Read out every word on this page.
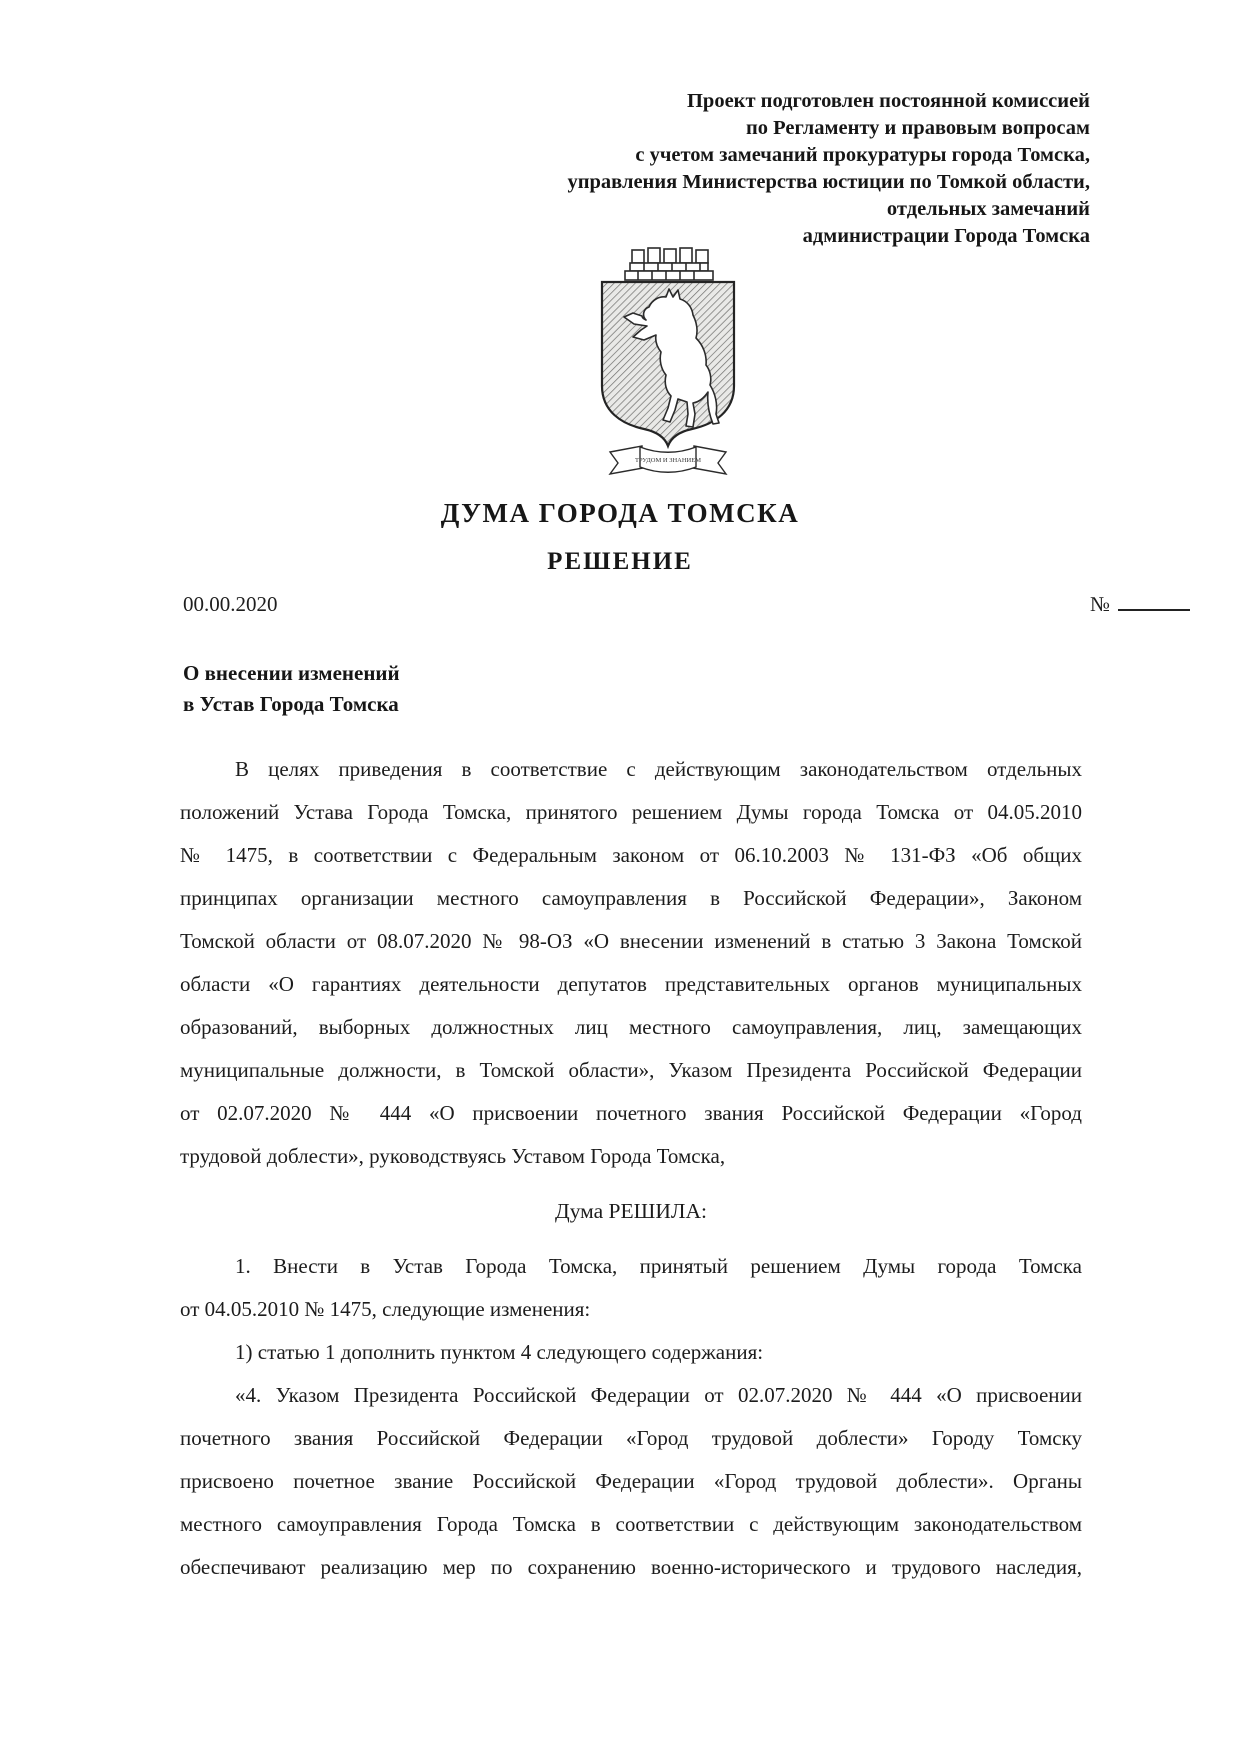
Проект подготовлен постоянной комиссией
по Регламенту и правовым вопросам
с учетом замечаний прокуратуры города Томска,
управления Министерства юстиции по Томкой области,
отдельных замечаний
администрации Города Томска
ТРУДОМ И ЗНАНИЕМ
ДУМА ГОРОДА ТОМСКА
РЕШЕНИЕ
00.00.2020	№
О внесении изменений
в Устав Города Томска
В целях приведения в соответствие с действующим законодательством отдельных
положений Устава Города Томска, принятого решением Думы города Томска от 04.05.2010
№ 1475, в соответствии с Федеральным законом от 06.10.2003 № 131-ФЗ «Об общих
принципах организации местного самоуправления в Российской Федерации», Законом
Томской области от 08.07.2020 № 98-ОЗ «О внесении изменений в статью 3 Закона Томской
области «О гарантиях деятельности депутатов представительных органов муниципальных
образований, выборных должностных лиц местного самоуправления, лиц, замещающих
муниципальные должности, в Томской области», Указом Президента Российской Федерации
от 02.07.2020 № 444 «О присвоении почетного звания Российской Федерации «Город
трудовой доблести», руководствуясь Уставом Города Томска,
Дума РЕШИЛА:
1. Внести в Устав Города Томска, принятый решением Думы города Томска
от 04.05.2010 № 1475, следующие изменения:
1) статью 1 дополнить пунктом 4 следующего содержания:
«4. Указом Президента Российской Федерации от 02.07.2020 № 444 «О присвоении
почетного звания Российской Федерации «Город трудовой доблести» Городу Томску
присвоено почетное звание Российской Федерации «Город трудовой доблести». Органы
местного самоуправления Города Томска в соответствии с действующим законодательством
обеспечивают реализацию мер по сохранению военно-исторического и трудового наследия,
